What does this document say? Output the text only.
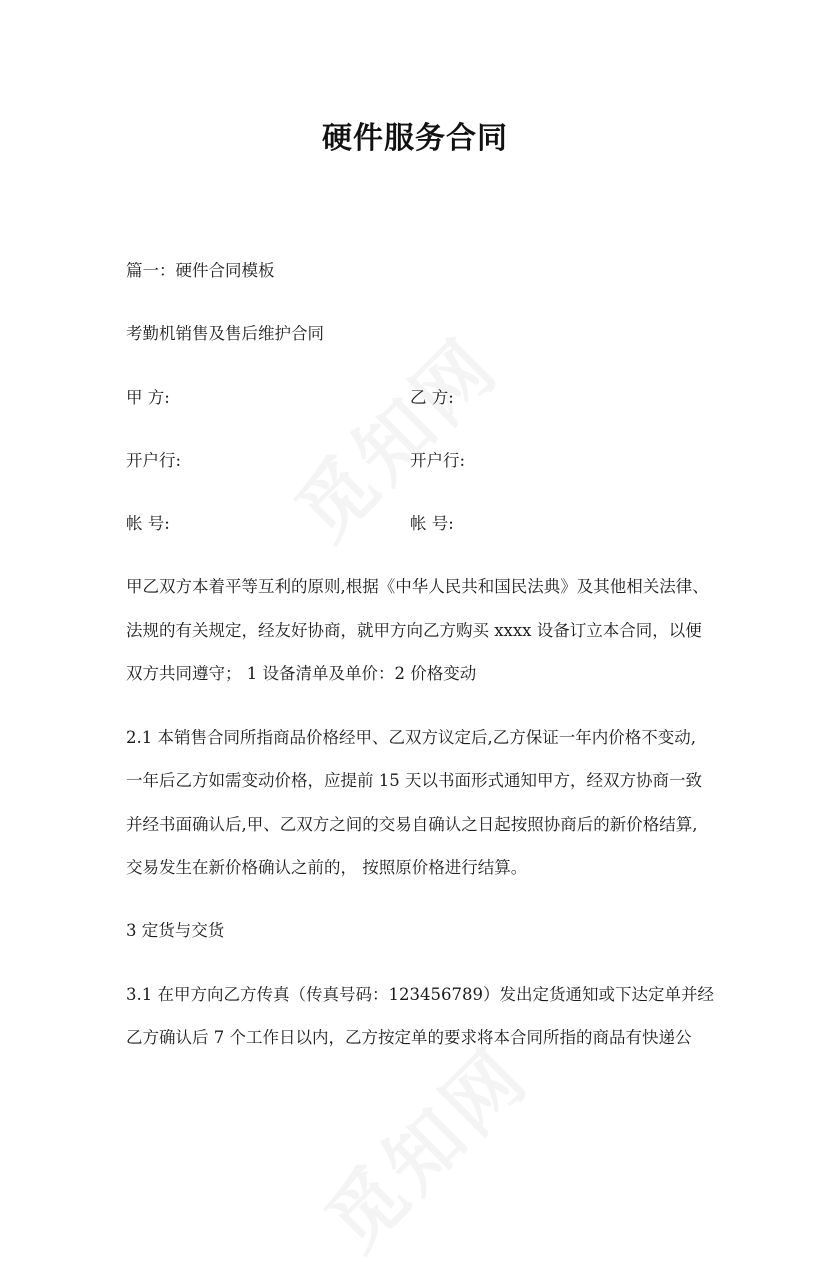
硬件服务合同

篇一：硬件合同模板

考勤机销售及售后维护合同

甲 方:	乙 方:

开户行:	开户行:

帐 号:	帐 号:

甲乙双方本着平等互利的原则,根据《中华人民共和国民法典》及其他相关法律、

法规的有关规定，经友好协商，就甲方向乙方购买 xxxx 设备订立本合同，以便

双方共同遵守； 1 设备清单及单价：2 价格变动

2.1 本销售合同所指商品价格经甲、乙双方议定后,乙方保证一年内价格不变动,

一年后乙方如需变动价格，应提前 15 天以书面形式通知甲方，经双方协商一致

并经书面确认后,甲、乙双方之间的交易自确认之日起按照协商后的新价格结算,

交易发生在新价格确认之前的， 按照原价格进行结算。

3 定货与交货

3.1 在甲方向乙方传真（传真号码：123456789）发出定货通知或下达定单并经

乙方确认后 7 个工作日以内，乙方按定单的要求将本合同所指的商品有快递公
